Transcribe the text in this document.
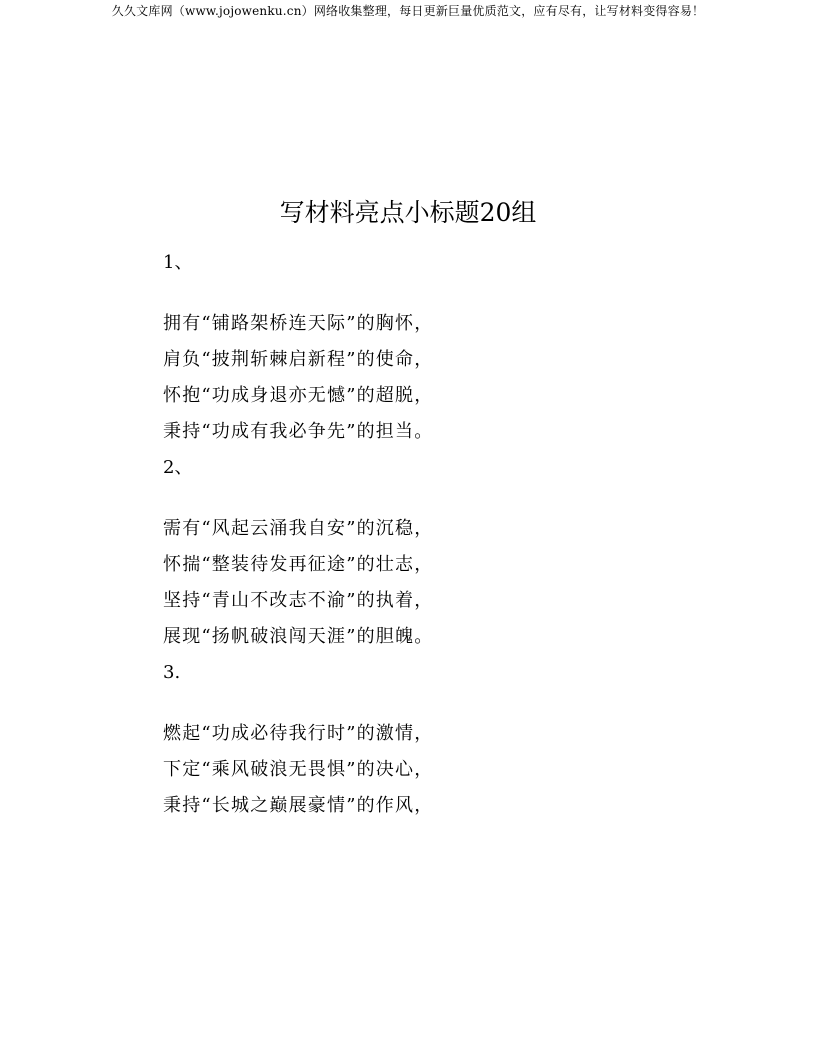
久久文库网（www.jojowenku.cn）网络收集整理，每日更新巨量优质范文，应有尽有，让写材料变得容易！
写材料亮点小标题20组
1、
拥有“铺路架桥连天际”的胸怀，
肩负“披荆斩棘启新程”的使命，
怀抱“功成身退亦无憾”的超脱，
秉持“功成有我必争先”的担当。
2、
需有“风起云涌我自安”的沉稳，
怀揣“整装待发再征途”的壮志，
坚持“青山不改志不渝”的执着，
展现“扬帆破浪闯天涯”的胆魄。
3.
燃起“功成必待我行时”的激情，
下定“乘风破浪无畏惧”的决心，
秉持“长城之巅展豪情”的作风，
